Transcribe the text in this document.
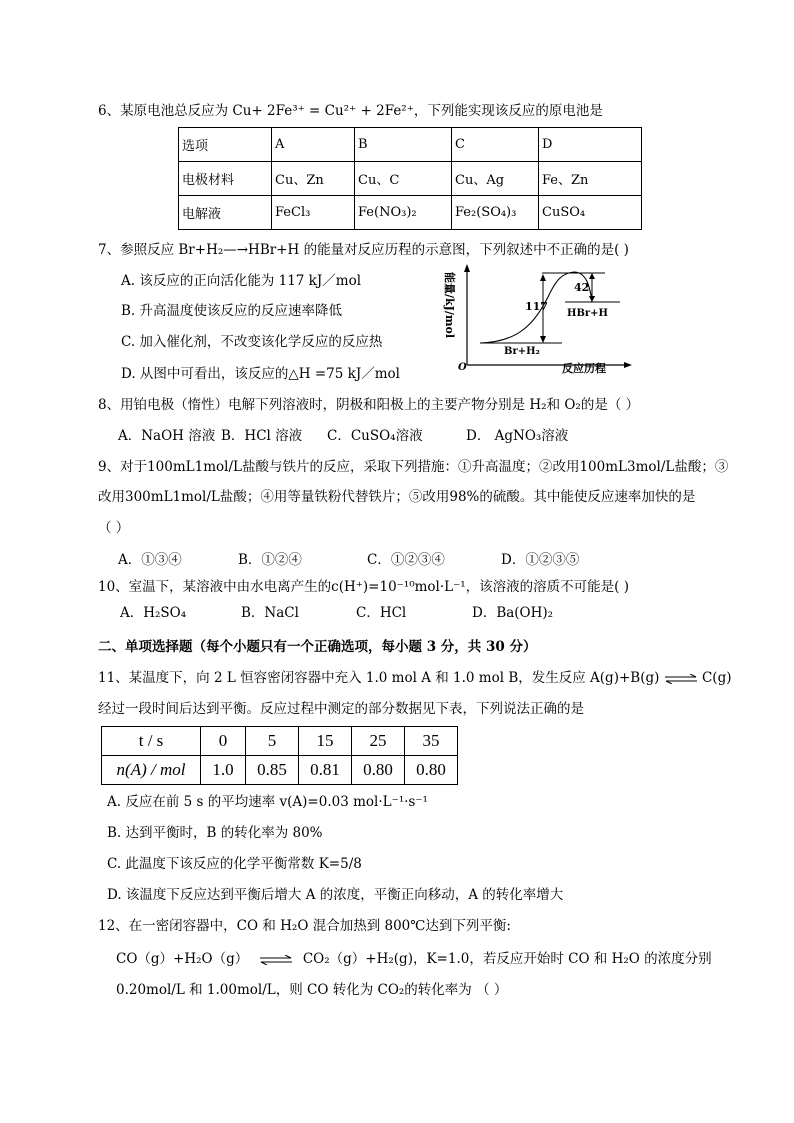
6、某原电池总反应为 Cu+ 2Fe³⁺ = Cu²⁺ + 2Fe²⁺，下列能实现该反应的原电池是
选项	A	B	C	D
电极材料	Cu、Zn	Cu、C	Cu、Ag	Fe、Zn
电解液	FeCl₃	Fe(NO₃)₂	Fe₂(SO₄)₃	CuSO₄
7、参照反应 Br+H₂—→HBr+H 的能量对反应历程的示意图，下列叙述中不正确的是( )
A. 该反应的正向活化能为 117 kJ／mol
B. 升高温度使该反应的反应速率降低
C. 加入催化剂，不改变该化学反应的反应热
D. 从图中可看出，该反应的△H =75 kJ／mol
能量/kJ/mol
O	反应历程
117
42
HBr+H
Br+H₂
8、用铂电极（惰性）电解下列溶液时，阴极和阳极上的主要产物分别是 H₂和 O₂的是（ ）
A．NaOH 溶液 B．HCl 溶液 C．CuSO₄溶液	D． AgNO₃溶液
9、对于100mL1mol/L盐酸与铁片的反应，采取下列措施：①升高温度；②改用100mL3mol/L盐酸；③
改用300mL1mol/L盐酸；④用等量铁粉代替铁片；⑤改用98%的硫酸。其中能使反应速率加快的是
（ ）
A．①③④	B．①②④	C．①②③④	D．①②③⑤
10、室温下，某溶液中由水电离产生的c(H⁺)=10⁻¹⁰mol·L⁻¹，该溶液的溶质不可能是( )
A．H₂SO₄	B．NaCl	C．HCl	D．Ba(OH)₂
二、单项选择题（每个小题只有一个正确选项，每小题 3 分，共 30 分）
11、某温度下，向 2 L 恒容密闭容器中充入 1.0 mol A 和 1.0 mol B，发生反应 A(g)+B(g) ⇌ C(g)
经过一段时间后达到平衡。反应过程中测定的部分数据见下表，下列说法正确的是
t / s	0	5	15	25	35
n(A) / mol	1.0	0.85	0.81	0.80	0.80
A. 反应在前 5 s 的平均速率 v(A)=0.03 mol·L⁻¹·s⁻¹
B. 达到平衡时，B 的转化率为 80%
C. 此温度下该反应的化学平衡常数 K=5/8
D. 该温度下反应达到平衡后增大 A 的浓度，平衡正向移动，A 的转化率增大
12、在一密闭容器中，CO 和 H₂O 混合加热到 800℃达到下列平衡:
CO（g）+H₂O（g） ⇌ CO₂（g）+H₂(g)，K=1.0，若反应开始时 CO 和 H₂O 的浓度分别
0.20mol/L 和 1.00mol/L，则 CO 转化为 CO₂的转化率为 （ ）
